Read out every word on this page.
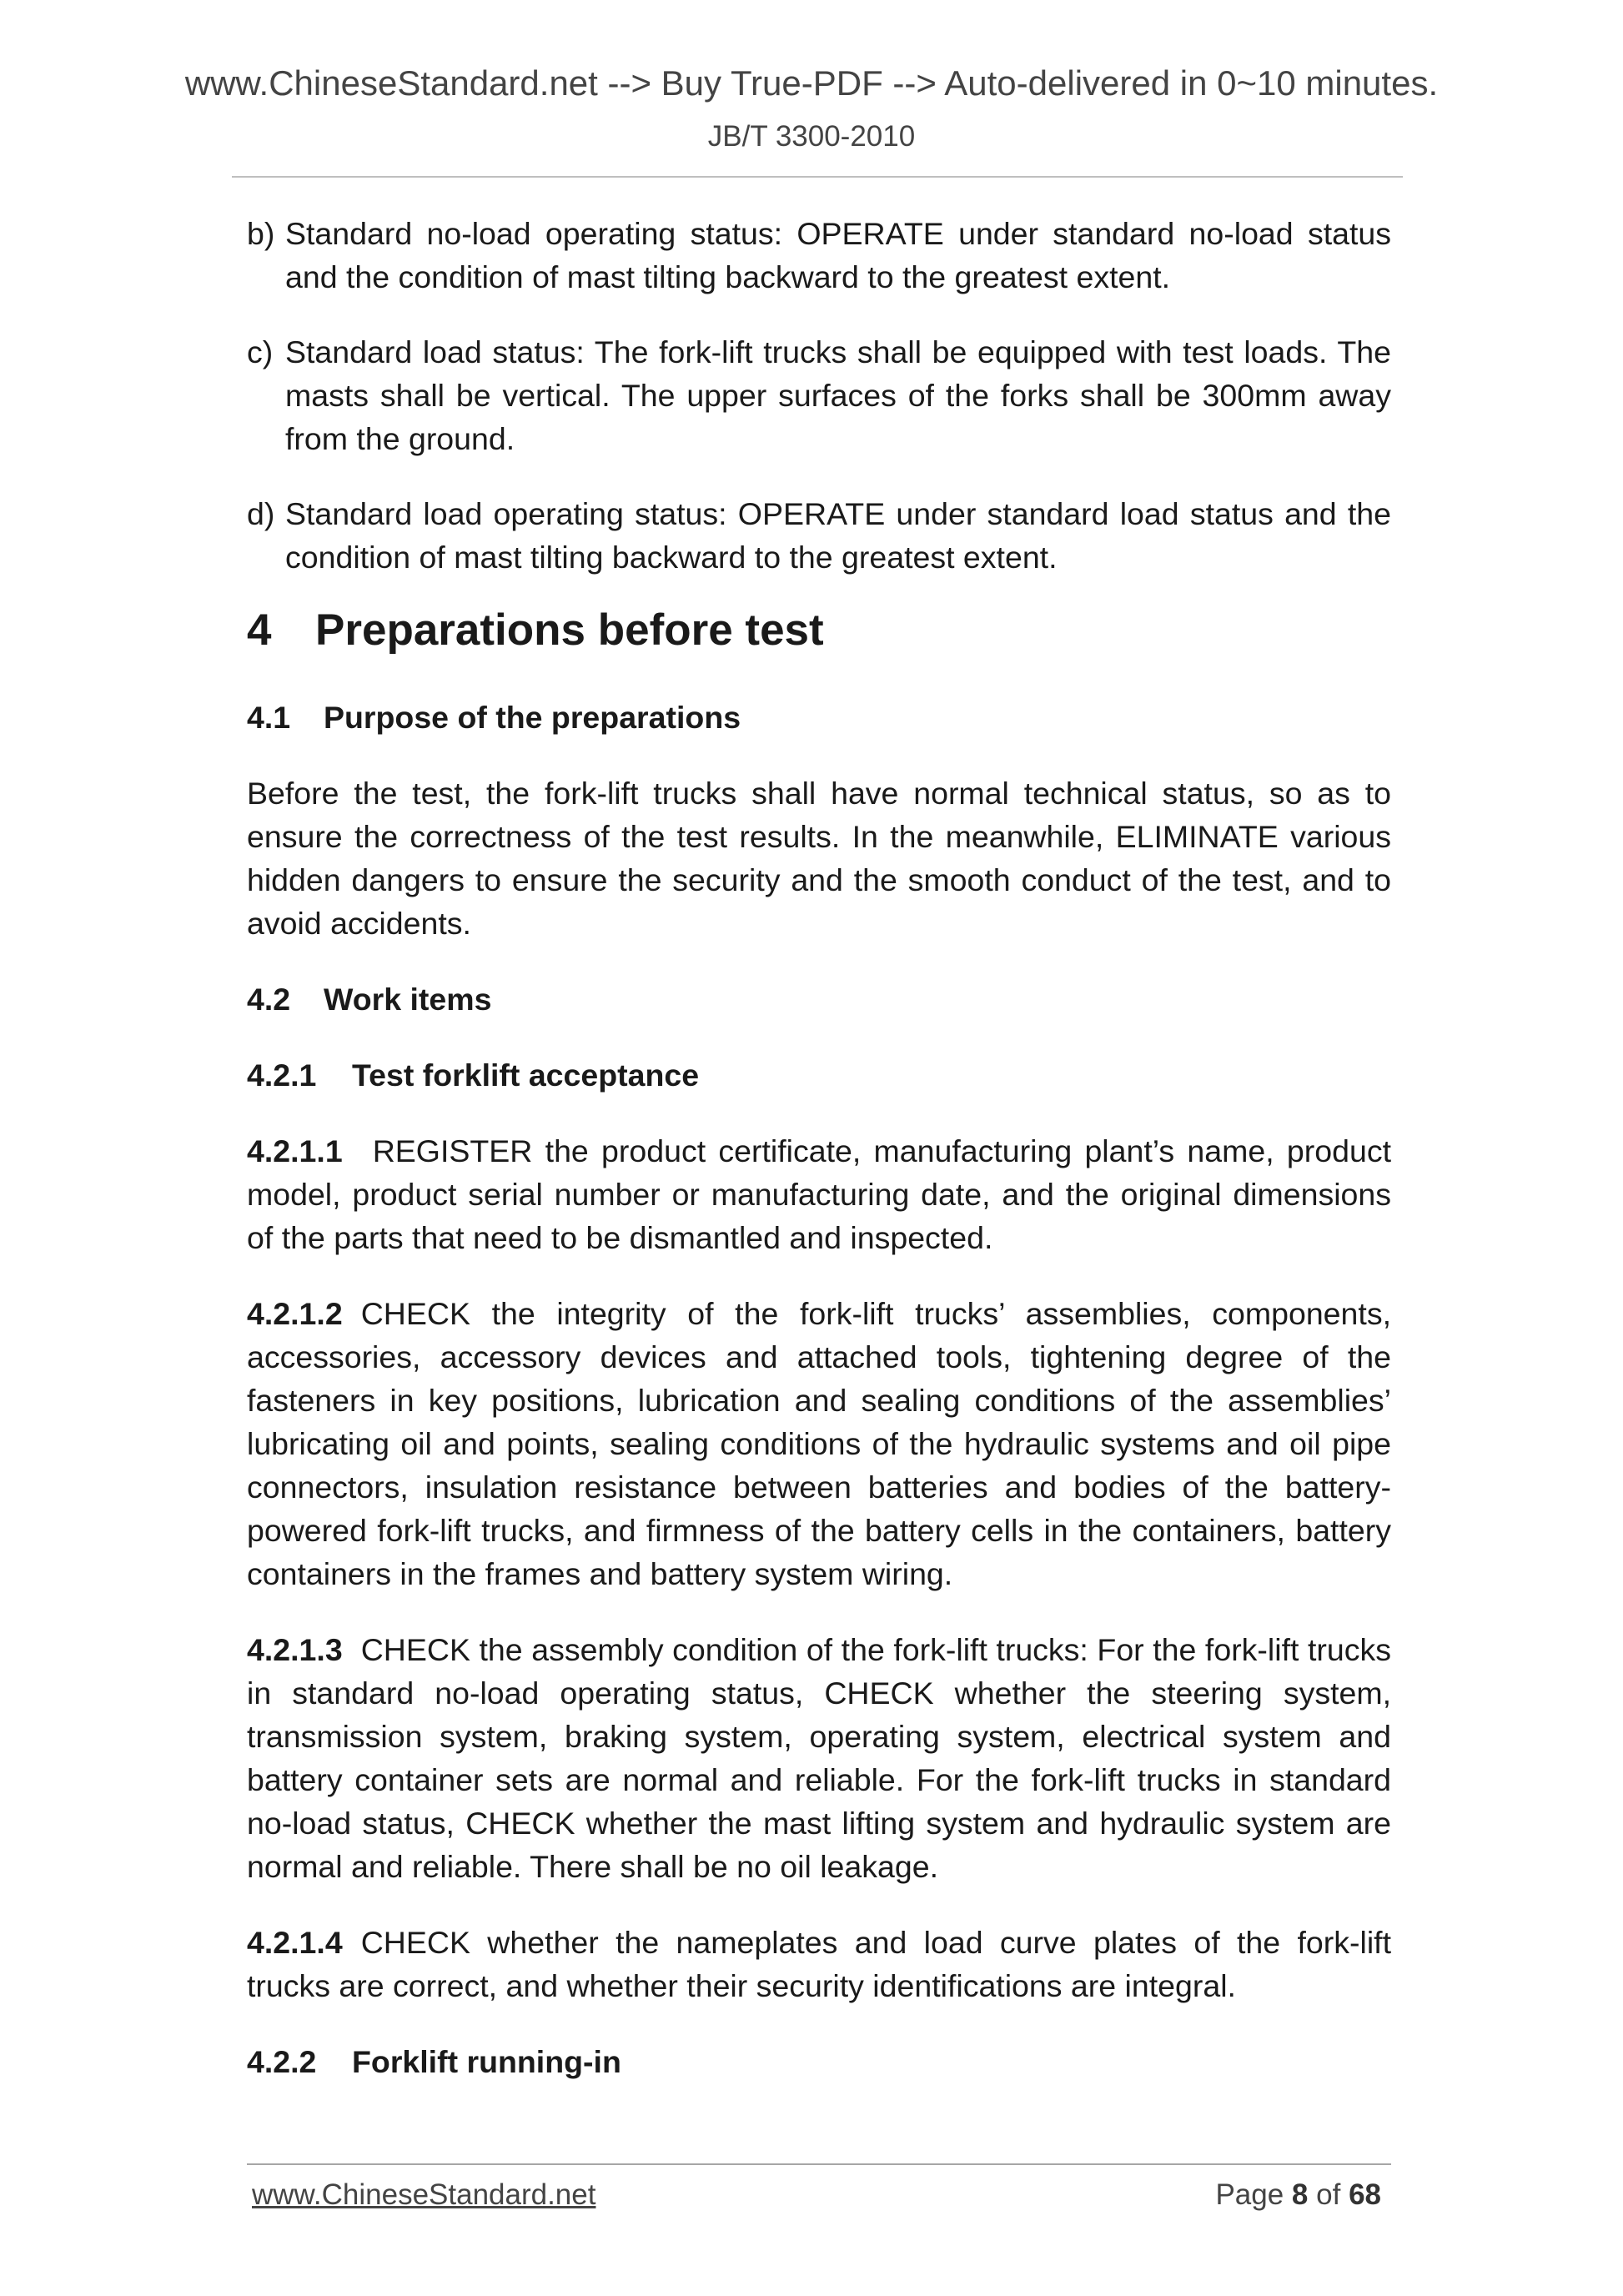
www.ChineseStandard.net --> Buy True-PDF --> Auto-delivered in 0~10 minutes.
JB/T 3300-2010

b) Standard no-load operating status: OPERATE under standard no-load status and the condition of mast tilting backward to the greatest extent.

c) Standard load status: The fork-lift trucks shall be equipped with test loads. The masts shall be vertical. The upper surfaces of the forks shall be 300mm away from the ground.

d) Standard load operating status: OPERATE under standard load status and the condition of mast tilting backward to the greatest extent.

4 Preparations before test

4.1 Purpose of the preparations

Before the test, the fork-lift trucks shall have normal technical status, so as to ensure the correctness of the test results. In the meanwhile, ELIMINATE various hidden dangers to ensure the security and the smooth conduct of the test, and to avoid accidents.

4.2 Work items

4.2.1 Test forklift acceptance

4.2.1.1 REGISTER the product certificate, manufacturing plant’s name, product model, product serial number or manufacturing date, and the original dimensions of the parts that need to be dismantled and inspected.

4.2.1.2 CHECK the integrity of the fork-lift trucks’ assemblies, components, accessories, accessory devices and attached tools, tightening degree of the fasteners in key positions, lubrication and sealing conditions of the assemblies’ lubricating oil and points, sealing conditions of the hydraulic systems and oil pipe connectors, insulation resistance between batteries and bodies of the battery-powered fork-lift trucks, and firmness of the battery cells in the containers, battery containers in the frames and battery system wiring.

4.2.1.3 CHECK the assembly condition of the fork-lift trucks: For the fork-lift trucks in standard no-load operating status, CHECK whether the steering system, transmission system, braking system, operating system, electrical system and battery container sets are normal and reliable. For the fork-lift trucks in standard no-load status, CHECK whether the mast lifting system and hydraulic system are normal and reliable. There shall be no oil leakage.

4.2.1.4 CHECK whether the nameplates and load curve plates of the fork-lift trucks are correct, and whether their security identifications are integral.

4.2.2 Forklift running-in

www.ChineseStandard.net	Page 8 of 68
